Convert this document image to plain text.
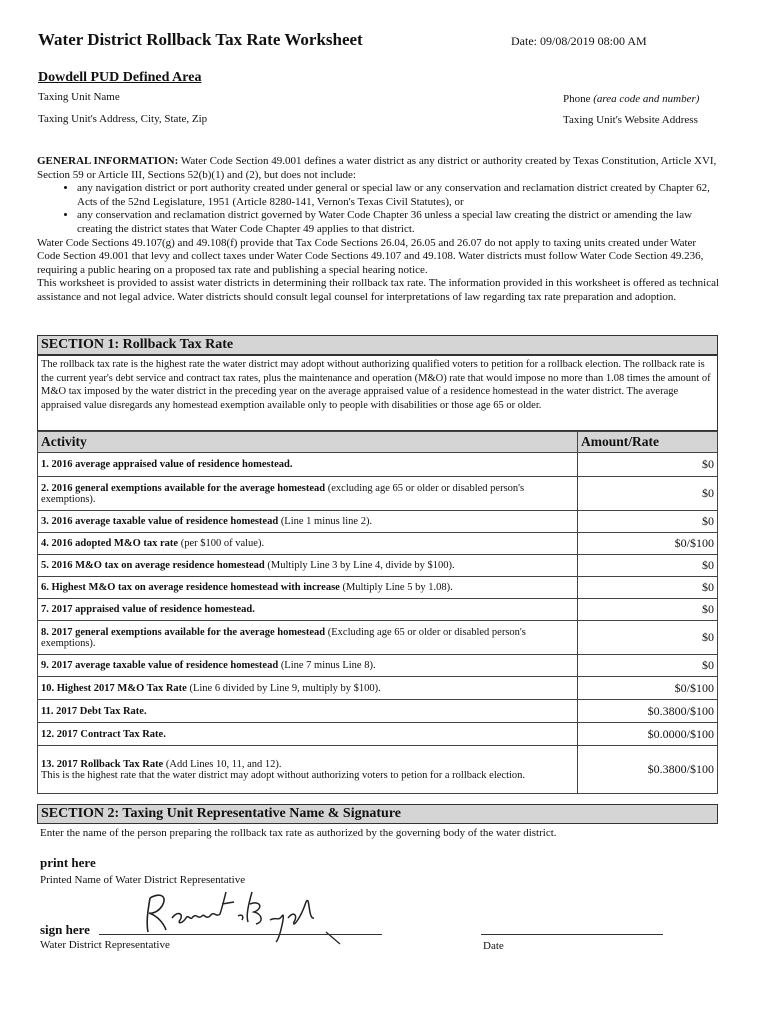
Water District Rollback Tax Rate Worksheet	Date: 09/08/2019 08:00 AM
Dowdell PUD Defined Area
Taxing Unit Name	Phone (area code and number)
Taxing Unit's Address, City, State, Zip	Taxing Unit's Website Address
GENERAL INFORMATION: Water Code Section 49.001 defines a water district as any district or authority created by Texas Constitution, Article XVI, Section 59 or Article III, Sections 52(b)(1) and (2), but does not include:
• any navigation district or port authority created under general or special law or any conservation and reclamation district created by Chapter 62, Acts of the 52nd Legislature, 1951 (Article 8280-141, Vernon's Texas Civil Statutes), or
• any conservation and reclamation district governed by Water Code Chapter 36 unless a special law creating the district or amending the law creating the district states that Water Code Chapter 49 applies to that district.
Water Code Sections 49.107(g) and 49.108(f) provide that Tax Code Sections 26.04, 26.05 and 26.07 do not apply to taxing units created under Water Code Section 49.001 that levy and collect taxes under Water Code Sections 49.107 and 49.108. Water districts must follow Water Code Section 49.236, requiring a public hearing on a proposed tax rate and publishing a special hearing notice.
This worksheet is provided to assist water districts in determining their rollback tax rate. The information provided in this worksheet is offered as technical assistance and not legal advice. Water districts should consult legal counsel for interpretations of law regarding tax rate preparation and adoption.
SECTION 1: Rollback Tax Rate
The rollback tax rate is the highest rate the water district may adopt without authorizing qualified voters to petition for a rollback election. The rollback rate is the current year's debt service and contract tax rates, plus the maintenance and operation (M&O) rate that would impose no more than 1.08 times the amount of M&O tax imposed by the water district in the preceding year on the average appraised value of a residence homestead in the water district. The average appraised value disregards any homestead exemption available only to people with disabilities or those age 65 or older.
Activity	Amount/Rate
1. 2016 average appraised value of residence homestead.	$0
2. 2016 general exemptions available for the average homestead (excluding age 65 or older or disabled person's exemptions).	$0
3. 2016 average taxable value of residence homestead (Line 1 minus line 2).	$0
4. 2016 adopted M&O tax rate (per $100 of value).	$0/$100
5. 2016 M&O tax on average residence homestead (Multiply Line 3 by Line 4, divide by $100).	$0
6. Highest M&O tax on average residence homestead with increase (Multiply Line 5 by 1.08).	$0
7. 2017 appraised value of residence homestead.	$0
8. 2017 general exemptions available for the average homestead (Excluding age 65 or older or disabled person's exemptions).	$0
9. 2017 average taxable value of residence homestead (Line 7 minus Line 8).	$0
10. Highest 2017 M&O Tax Rate (Line 6 divided by Line 9, multiply by $100).	$0/$100
11. 2017 Debt Tax Rate.	$0.3800/$100
12. 2017 Contract Tax Rate.	$0.0000/$100
13. 2017 Rollback Tax Rate (Add Lines 10, 11, and 12).
This is the highest rate that the water district may adopt without authorizing voters to petion for a rollback election.	$0.3800/$100
SECTION 2: Taxing Unit Representative Name & Signature
Enter the name of the person preparing the rollback tax rate as authorized by the governing body of the water district.
print here
Printed Name of Water District Representative
sign here
Water District Representative	Date
